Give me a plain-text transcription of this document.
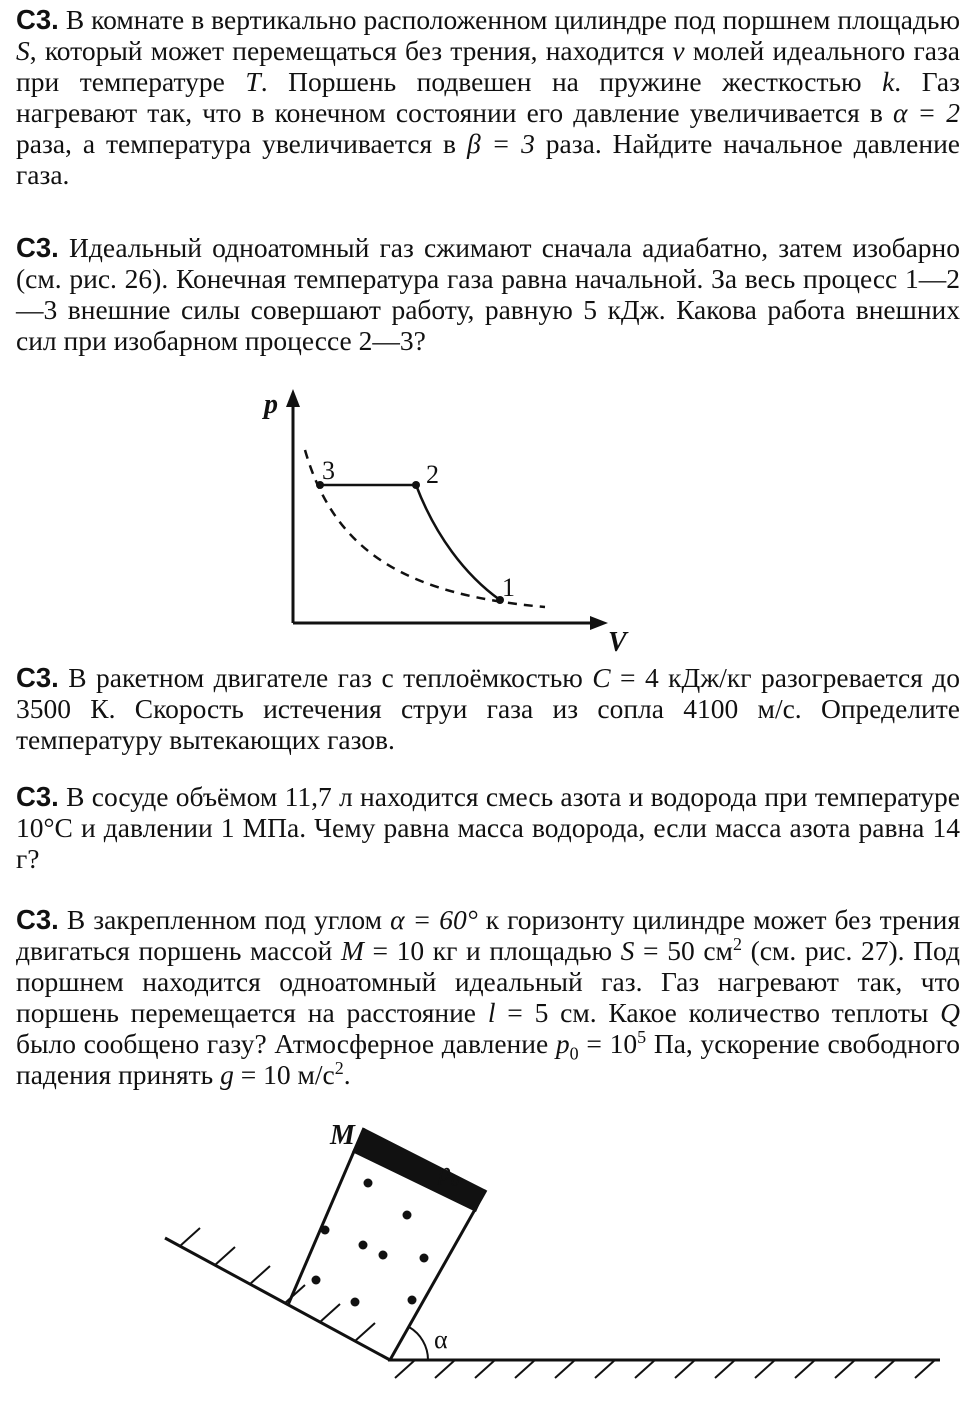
С3. В комнате в вертикально расположенном цилиндре под поршнем площадью S, который может перемещаться без трения, находится ν молей идеального газа при температуре T. Поршень подвешен на пружине жесткостью k. Газ нагревают так, что в конечном состоянии его давление увеличивается в α = 2 раза, а температура увеличивается в β = 3 раза. Найдите начальное давление газа.
С3. Идеальный одноатомный газ сжимают сначала адиабатно, затем изобарно (см. рис. 26). Конечная температура газа равна начальной. За весь процесс 1—2—3 внешние силы совершают работу, равную 5 кДж. Какова работа внешних сил при изобарном процессе 2—3?
p
V
3	2
1
С3. В ракетном двигателе газ с теплоёмкостью C = 4 кДж/кг разогревается до 3500 К. Скорость истечения струи газа из сопла 4100 м/с. Определите температуру вытекающих газов.
С3. В сосуде объёмом 11,7 л находится смесь азота и водорода при температуре 10°С и давлении 1 МПа. Чему равна масса водорода, если масса азота равна 14 г?
С3. В закрепленном под углом α = 60° к горизонту цилиндре может без трения двигаться поршень массой M = 10 кг и площадью S = 50 $см^2$ (см. рис. 27). Под поршнем находится одноатомный идеальный газ. Газ нагревают так, что поршень перемещается на расстояние l = 5 см. Какое количество теплоты Q было сообщено газу? Атмосферное давление $p_0 = 10^5$ Па, ускорение свободного падения принять g = 10 $м/с^2$.
α
M
$p_0$
